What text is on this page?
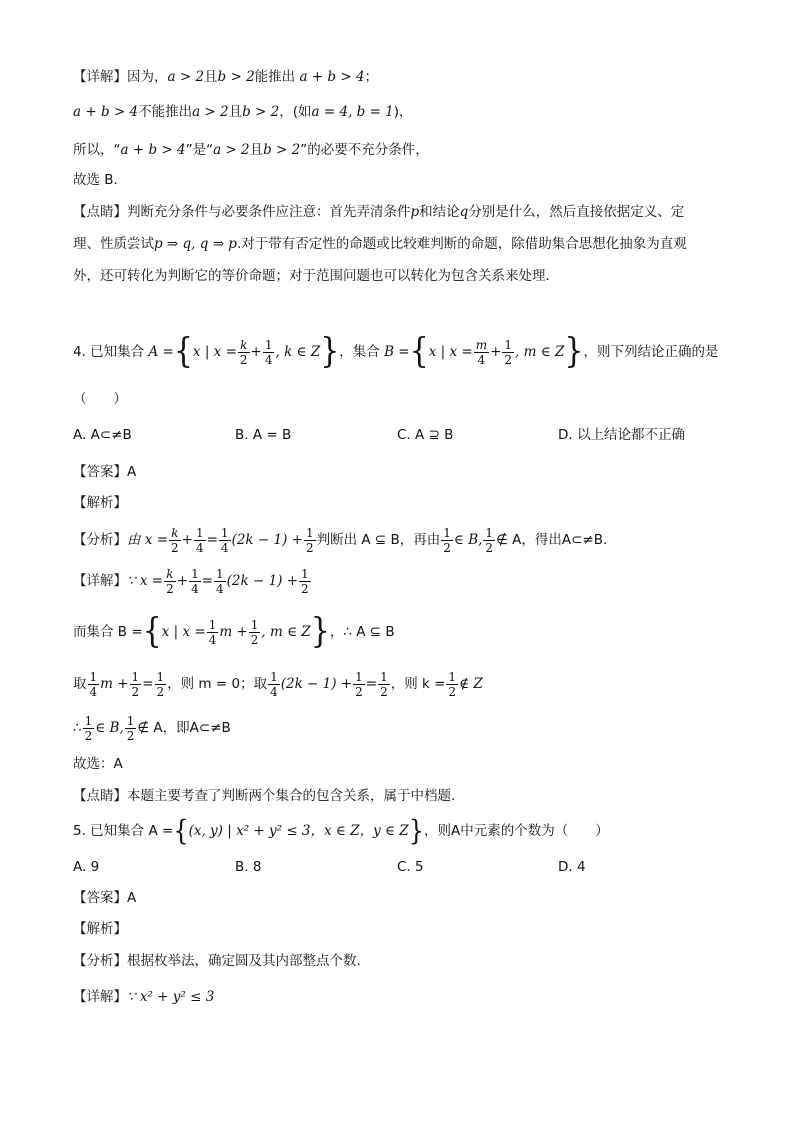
【详解】因为，a > 2且b > 2能推出 a + b > 4；
a + b > 4不能推出a > 2且b > 2，(如a = 4, b = 1)，
所以，“a + b > 4”是“a > 2且b > 2”的必要不充分条件，
故选 B．
【点睛】判断充分条件与必要条件应注意：首先弄清条件p和结论q分别是什么，然后直接依据定义、定
理、性质尝试p ⇒ q, q ⇒ p.对于带有否定性的命题或比较难判断的命题，除借助集合思想化抽象为直观
外，还可转化为判断它的等价命题；对于范围问题也可以转化为包含关系来处理．
4. 已知集合 A ={x | $x = \frac{k}{2} + \frac{1}{4}$ , k ∈ Z}，集合 B ={x | $x = \frac{m}{4} + \frac{1}{2}$ , m ∈ Z}，则下列结论正确的是
（　　）
A. A⊂≠B	B. A = B	C. A ⊇ B	D. 以上结论都不正确
【答案】A
【解析】
【分析】由 $x = \frac{k}{2} + \frac{1}{4} = \frac{1}{4} (2k - 1) + \frac{1}{2}$ 判断出 A ⊆ B，再由 $\frac{1}{2}$ ∈ B, $\frac{1}{2}$ ∉ A，得出A⊂≠B.
【详解】∵ $x = \frac{k}{2} + \frac{1}{4} = \frac{1}{4} (2k - 1) + \frac{1}{2}$
而集合 B ={x | $x = \frac{1}{4}$ $m + \frac{1}{2}$ , m ∈ Z}，∴ A ⊆ B
取 $\frac{1}{4}$ $m + \frac{1}{2} = \frac{1}{2}$ ，则 m = 0；取 $\frac{1}{4} (2k - 1) + \frac{1}{2} = \frac{1}{2}$ ，则 $k = \frac{1}{2}$ ∉ Z
∴ $\frac{1}{2}$ ∈ B, $\frac{1}{2}$ ∉ A，即A⊂≠B
故选：A
【点睛】本题主要考查了判断两个集合的包含关系，属于中档题.
5. 已知集合 A ={(x, y) | x² + y² ≤ 3，x ∈ Z，y ∈ Z}，则A中元素的个数为（　　）
A. 9	B. 8	C. 5	D. 4
【答案】A
【解析】
【分析】根据枚举法，确定圆及其内部整点个数.
【详解】∵ x² + y² ≤ 3
